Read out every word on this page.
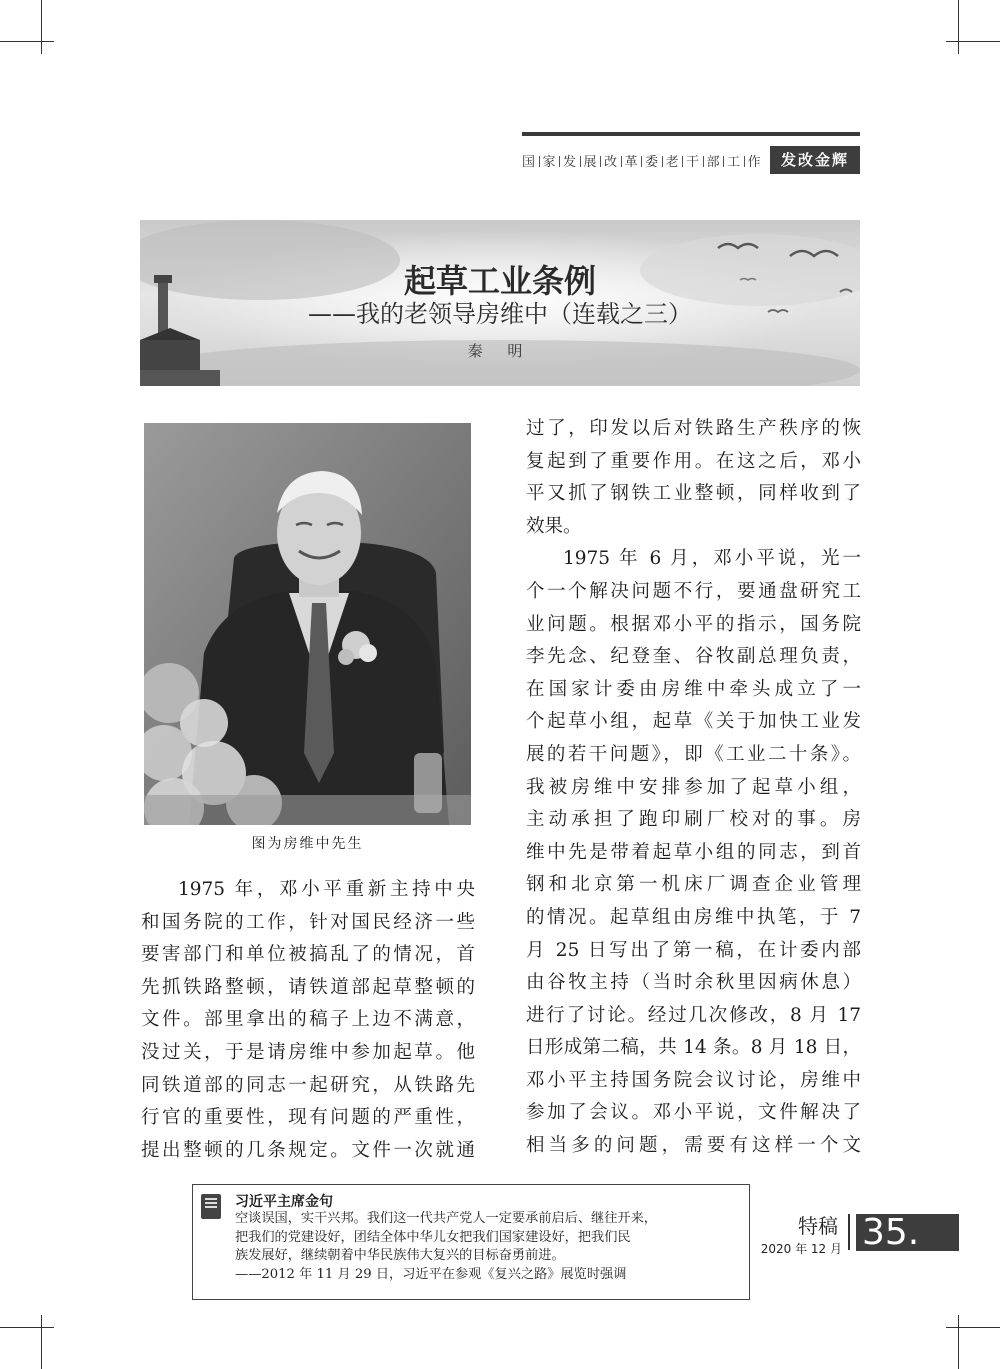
国 家 发 展 改 革 委 老 干 部 工 作	发改金辉
起草工业条例
——我的老领导房维中（连载之三）
秦 明
图为房维中先生

1975 年，邓小平重新主持中央

和国务院的工作，针对国民经济一些

要害部门和单位被搞乱了的情况，首

先抓铁路整顿，请铁道部起草整顿的

文件。部里拿出的稿子上边不满意，

没过关，于是请房维中参加起草。他

同铁道部的同志一起研究，从铁路先

行官的重要性，现有问题的严重性，

提出整顿的几条规定。文件一次就通

过了，印发以后对铁路生产秩序的恢

复起到了重要作用。在这之后，邓小

平又抓了钢铁工业整顿，同样收到了

效果。

1975 年 6 月，邓小平说，光一

个一个解决问题不行，要通盘研究工

业问题。根据邓小平的指示，国务院

李先念、纪登奎、谷牧副总理负责，

在国家计委由房维中牵头成立了一

个起草小组，起草《关于加快工业发

展的若干问题》，即《工业二十条》。

我被房维中安排参加了起草小组，

主动承担了跑印刷厂校对的事。房

维中先是带着起草小组的同志，到首

钢和北京第一机床厂调查企业管理

的情况。起草组由房维中执笔，于 7

月 25 日写出了第一稿，在计委内部

由谷牧主持（当时余秋里因病休息）

进行了讨论。经过几次修改，8 月 17

日形成第二稿，共 14 条。8 月 18 日，

邓小平主持国务院会议讨论，房维中

参加了会议。邓小平说，文件解决了

相当多的问题，需要有这样一个文

习近平主席金句

空谈误国，实干兴邦。我们这一代共产党人一定要承前启后、继往开来，

把我们的党建设好，团结全体中华儿女把我们国家建设好，把我们民

族发展好，继续朝着中华民族伟大复兴的目标奋勇前进。

——2012 年 11 月 29 日，习近平在参观《复兴之路》展览时强调

特稿
2020 年 12 月 35.
